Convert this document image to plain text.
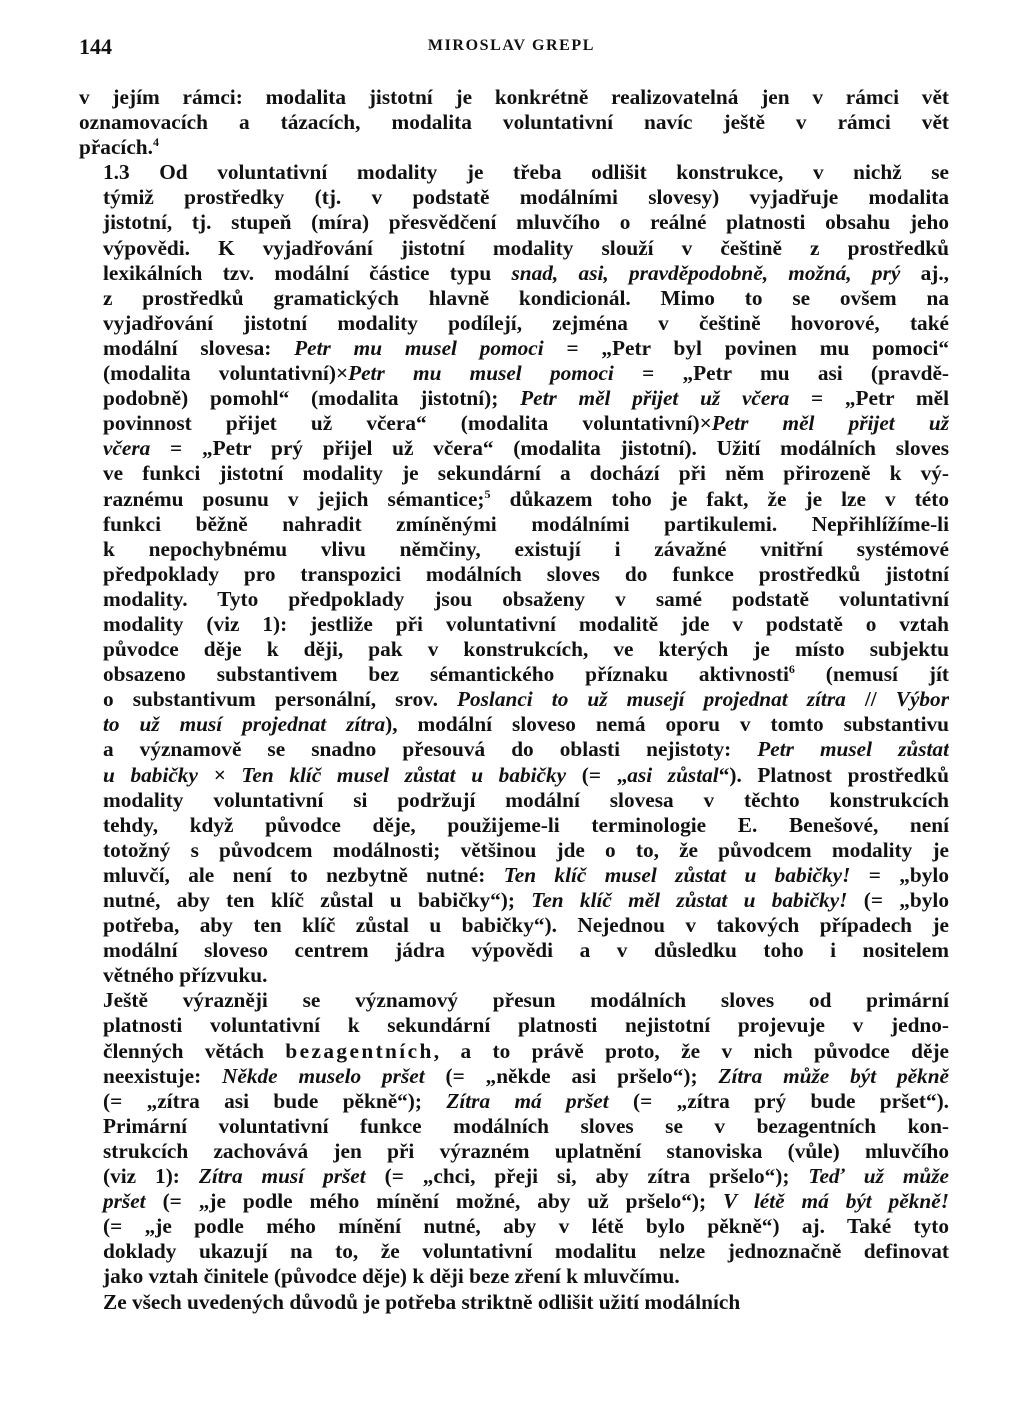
144	MIROSLAV GREPL

v jejím rámci: modalita jistotní je konkrétně realizovatelná jen v rámci vět
oznamovacích a tázacích, modalita voluntativní navíc ještě v rámci vět
přacích.$^4$

1.3 Od voluntativní modality je třeba odlišit konstrukce, v nichž se
týmiž prostředky (tj. v podstatě modálními slovesy) vyjadřuje modalita
jistotní, tj. stupeň (míra) přesvědčení mluvčího o reálné platnosti obsahu jeho
výpovědi. K vyjadřování jistotní modality slouží v češtině z prostředků
lexikálních tzv. modální částice typu snad, asi, pravděpodobně, možná, prý aj.,
z prostředků gramatických hlavně kondicionál. Mimo to se ovšem na
vyjadřování jistotní modality podílejí, zejména v češtině hovorové, také
modální slovesa: Petr mu musel pomoci = „Petr byl povinen mu pomoci“
(modalita voluntativní)×Petr mu musel pomoci = „Petr mu asi (pravdě-
podobně) pomohl“ (modalita jistotní); Petr měl přijet už včera = „Petr měl
povinnost přijet už včera“ (modalita voluntativní)×Petr měl přijet už
včera = „Petr prý přijel už včera“ (modalita jistotní). Užití modálních sloves
ve funkci jistotní modality je sekundární a dochází při něm přirozeně k vý-
raznému posunu v jejich sémantice;$^5$ důkazem toho je fakt, že je lze v této
funkci běžně nahradit zmíněnými modálními partikulemi. Nepřihlížíme-li
k nepochybnému vlivu němčiny, existují i závažné vnitřní systémové
předpoklady pro transpozici modálních sloves do funkce prostředků jistotní
modality. Tyto předpoklady jsou obsaženy v samé podstatě voluntativní
modality (viz 1): jestliže při voluntativní modalitě jde v podstatě o vztah
původce děje k ději, pak v konstrukcích, ve kterých je místo subjektu
obsazeno substantivem bez sémantického příznaku aktivnosti$^6$ (nemusí jít
o substantivum personální, srov. Poslanci to už musejí projednat zítra // Výbor
to už musí projednat zítra), modální sloveso nemá oporu v tomto substantivu
a významově se snadno přesouvá do oblasti nejistoty: Petr musel zůstat
u babičky × Ten klíč musel zůstat u babičky (= „asi zůstal“). Platnost prostředků
modality voluntativní si podržují modální slovesa v těchto konstrukcích
tehdy, když původce děje, použijeme-li terminologie E. Benešové, není
totožný s původcem modálnosti; většinou jde o to, že původcem modality je
mluvčí, ale není to nezbytně nutné: Ten klíč musel zůstat u babičky! = „bylo
nutné, aby ten klíč zůstal u babičky“); Ten klíč měl zůstat u babičky! (= „bylo
potřeba, aby ten klíč zůstal u babičky“). Nejednou v takových případech je
modální sloveso centrem jádra výpovědi a v důsledku toho i nositelem
větného přízvuku.

Ještě výrazněji se významový přesun modálních sloves od primární
platnosti voluntativní k sekundární platnosti nejistotní projevuje v jedno-
členných větách bezagentních, a to právě proto, že v nich původce děje
neexistuje: Někde muselo pršet (= „někde asi pršelo“); Zítra může být pěkně
(= „zítra asi bude pěkně“); Zítra má pršet (= „zítra prý bude pršet“).
Primární voluntativní funkce modálních sloves se v bezagentních kon-
strukcích zachovává jen při výrazném uplatnění stanoviska (vůle) mluvčího
(viz 1): Zítra musí pršet (= „chci, přeji si, aby zítra pršelo“); Teď už může
pršet (= „je podle mého mínění možné, aby už pršelo“); V létě má být pěkně!
(= „je podle mého mínění nutné, aby v létě bylo pěkně“) aj. Také tyto
doklady ukazují na to, že voluntativní modalitu nelze jednoznačně definovat
jako vztah činitele (původce děje) k ději beze zření k mluvčímu.

Ze všech uvedených důvodů je potřeba striktně odlišit užití modálních
